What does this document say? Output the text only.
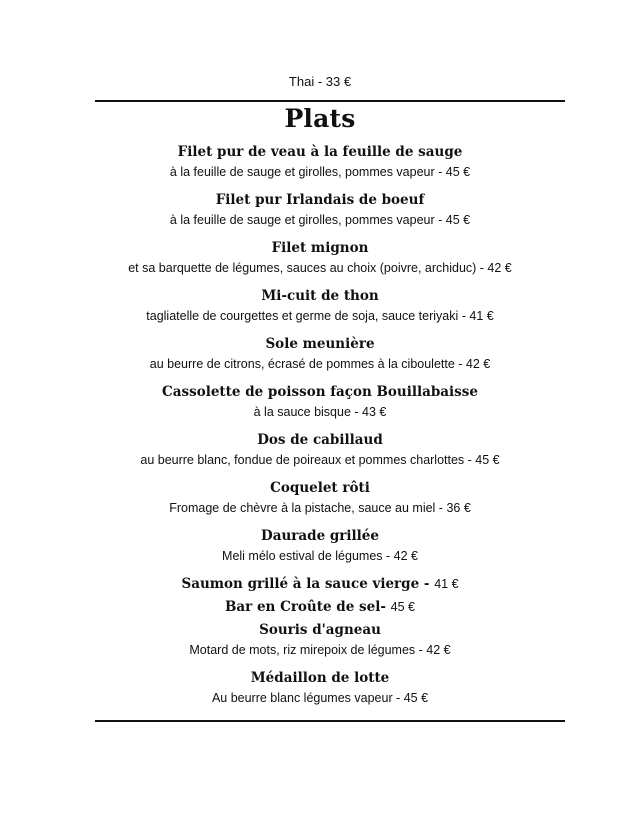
Thai - 33 €
Plats
Filet pur de veau à la feuille de sauge
à la feuille de sauge et girolles, pommes vapeur - 45 €
Filet pur Irlandais de boeuf
à la feuille de sauge et girolles, pommes vapeur - 45 €
Filet mignon
et sa barquette de légumes, sauces au choix (poivre, archiduc) - 42 €
Mi-cuit de thon
tagliatelle de courgettes et germe de soja, sauce teriyaki - 41 €
Sole meunière
au beurre de citrons, écrasé de pommes à la ciboulette - 42 €
Cassolette de poisson façon Bouillabaisse
à la sauce bisque - 43 €
Dos de cabillaud
au beurre blanc, fondue de poireaux et pommes charlottes - 45 €
Coquelet rôti
Fromage de chèvre à la pistache, sauce au miel - 36 €
Daurade grillée
Meli mélo estival de légumes - 42 €
Saumon grillé à la sauce vierge - 41 €
Bar en Croûte de sel- 45 €
Souris d'agneau
Motard de mots, riz mirepoix de légumes - 42 €
Médaillon de lotte
Au beurre blanc légumes vapeur - 45 €
